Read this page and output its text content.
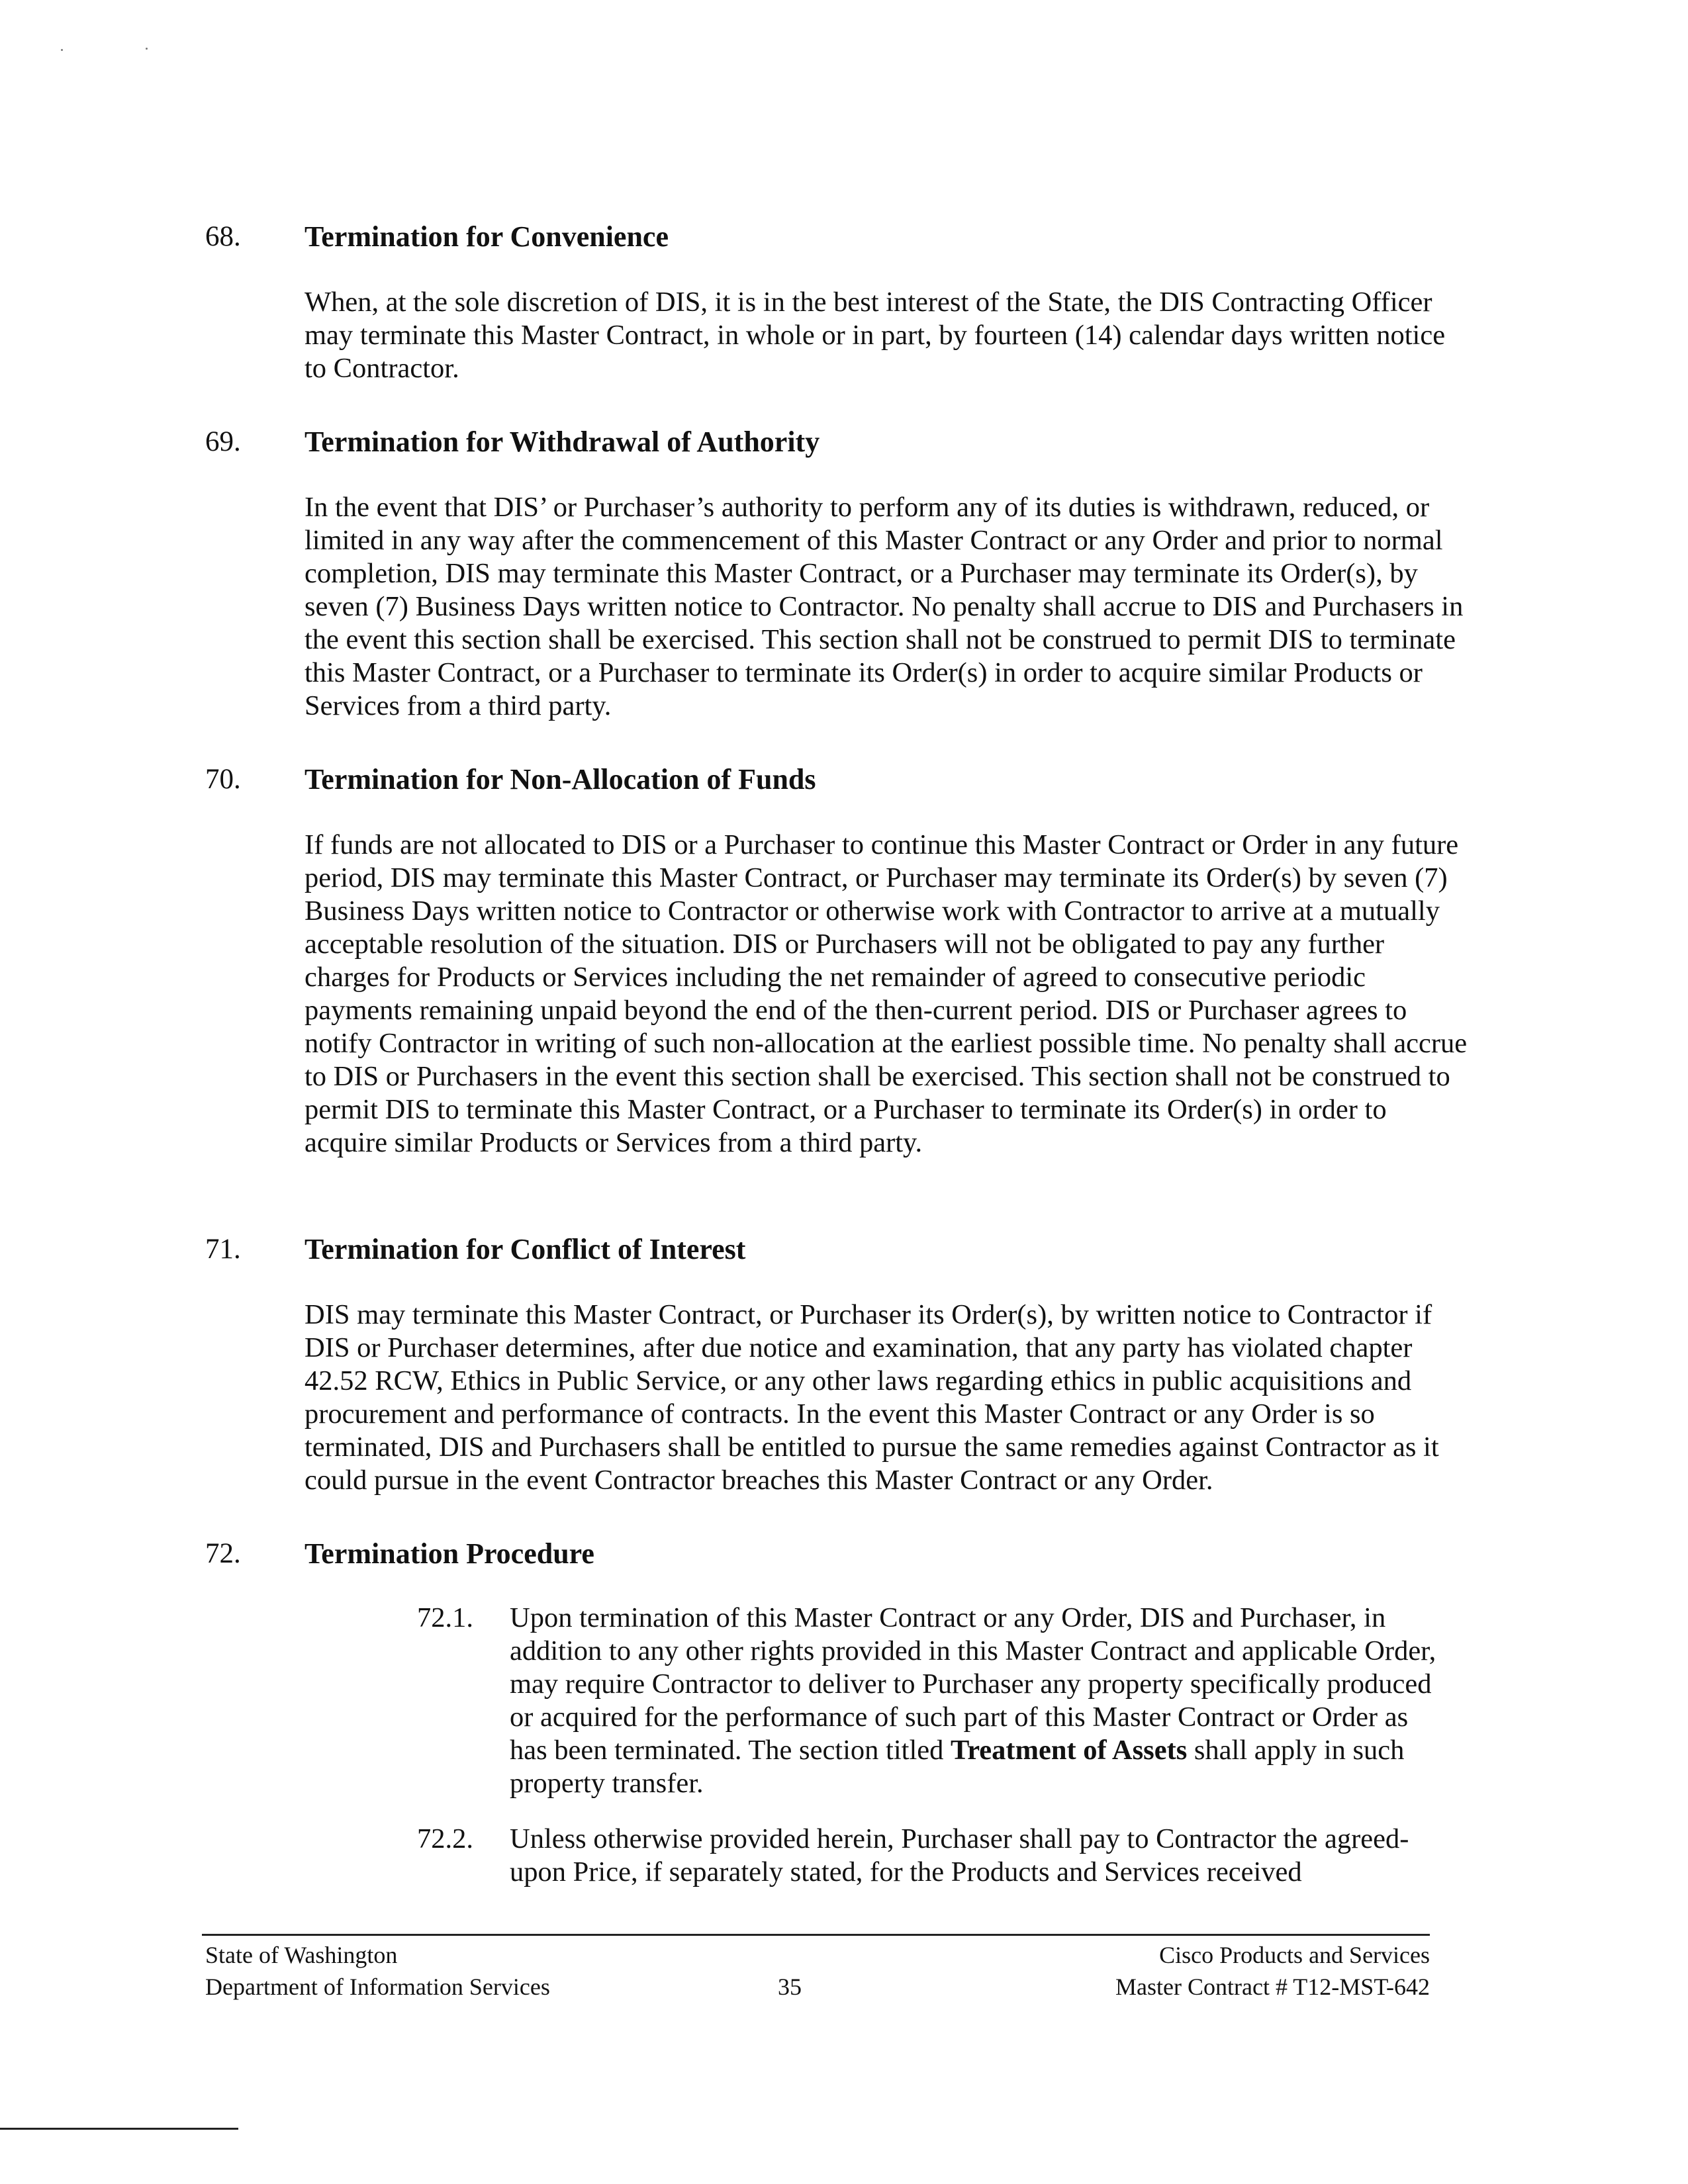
68. Termination for Convenience

When, at the sole discretion of DIS, it is in the best interest of the State, the DIS Contracting Officer may terminate this Master Contract, in whole or in part, by fourteen (14) calendar days written notice to Contractor.

69. Termination for Withdrawal of Authority

In the event that DIS’ or Purchaser’s authority to perform any of its duties is withdrawn, reduced, or limited in any way after the commencement of this Master Contract or any Order and prior to normal completion, DIS may terminate this Master Contract, or a Purchaser may terminate its Order(s), by seven (7) Business Days written notice to Contractor. No penalty shall accrue to DIS and Purchasers in the event this section shall be exercised. This section shall not be construed to permit DIS to terminate this Master Contract, or a Purchaser to terminate its Order(s) in order to acquire similar Products or Services from a third party.

70. Termination for Non-Allocation of Funds

If funds are not allocated to DIS or a Purchaser to continue this Master Contract or Order in any future period, DIS may terminate this Master Contract, or Purchaser may terminate its Order(s) by seven (7) Business Days written notice to Contractor or otherwise work with Contractor to arrive at a mutually acceptable resolution of the situation. DIS or Purchasers will not be obligated to pay any further charges for Products or Services including the net remainder of agreed to consecutive periodic payments remaining unpaid beyond the end of the then-current period. DIS or Purchaser agrees to notify Contractor in writing of such non-allocation at the earliest possible time. No penalty shall accrue to DIS or Purchasers in the event this section shall be exercised. This section shall not be construed to permit DIS to terminate this Master Contract, or a Purchaser to terminate its Order(s) in order to acquire similar Products or Services from a third party.

71. Termination for Conflict of Interest

DIS may terminate this Master Contract, or Purchaser its Order(s), by written notice to Contractor if DIS or Purchaser determines, after due notice and examination, that any party has violated chapter 42.52 RCW, Ethics in Public Service, or any other laws regarding ethics in public acquisitions and procurement and performance of contracts. In the event this Master Contract or any Order is so terminated, DIS and Purchasers shall be entitled to pursue the same remedies against Contractor as it could pursue in the event Contractor breaches this Master Contract or any Order.

72. Termination Procedure
72.1. Upon termination of this Master Contract or any Order, DIS and Purchaser, in addition to any other rights provided in this Master Contract and applicable Order, may require Contractor to deliver to Purchaser any property specifically produced or acquired for the performance of such part of this Master Contract or Order as has been terminated. The section titled Treatment of Assets shall apply in such property transfer.
72.2. Unless otherwise provided herein, Purchaser shall pay to Contractor the agreed-upon Price, if separately stated, for the Products and Services received
State of Washington
Department of Information Services	35
Cisco Products and Services
Master Contract # T12-MST-642
